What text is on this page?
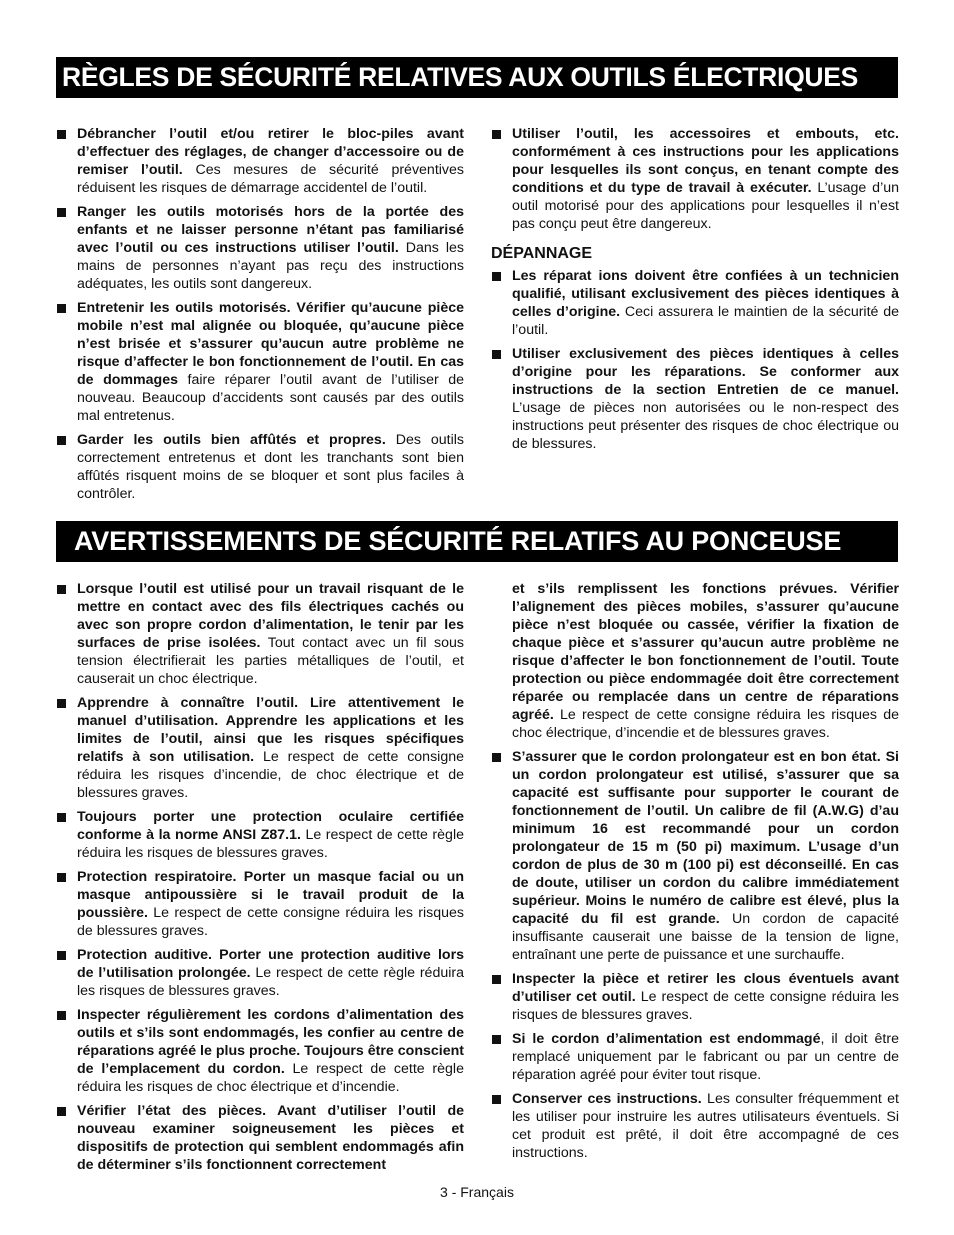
RÈGLES DE SÉCURITÉ RELATIVES AUX OUTILS ÉLECTRIQUES
Débrancher l’outil et/ou retirer le bloc-piles avant d’effectuer des réglages, de changer d’accessoire ou de remiser l’outil. Ces mesures de sécurité préventives réduisent les risques de démarrage accidentel de l’outil.
Ranger les outils motorisés hors de la portée des enfants et ne laisser personne n’étant pas familiarisé avec l’outil ou ces instructions utiliser l’outil. Dans les mains de personnes n’ayant pas reçu des instructions adéquates, les outils sont dangereux.
Entretenir les outils motorisés. Vérifier qu’aucune pièce mobile n’est mal alignée ou bloquée, qu’aucune pièce n’est brisée et s’assurer qu’aucun autre problème ne risque d’affecter le bon fonctionnement de l’outil. En cas de dommages faire réparer l’outil avant de l’utiliser de nouveau. Beaucoup d’accidents sont causés par des outils mal entretenus.
Garder les outils bien affûtés et propres. Des outils correctement entretenus et dont les tranchants sont bien affûtés risquent moins de se bloquer et sont plus faciles à contrôler.
Utiliser l’outil, les accessoires et embouts, etc. conformément à ces instructions pour les applications pour lesquelles ils sont conçus, en tenant compte des conditions et du type de travail à exécuter. L’usage d’un outil motorisé pour des applications pour lesquelles il n’est pas conçu peut être dangereux.
DÉPANNAGE
Les réparat ions doivent être confiées à un technicien qualifié, utilisant exclusivement des pièces identiques à celles d’origine. Ceci assurera le maintien de la sécurité de l’outil.
Utiliser exclusivement des pièces identiques à celles d’origine pour les réparations. Se conformer aux instructions de la section Entretien de ce manuel. L’usage de pièces non autorisées ou le non-respect des instructions peut présenter des risques de choc électrique ou de blessures.
AVERTISSEMENTS DE SÉCURITÉ RELATIFS AU PONCEUSE
Lorsque l’outil est utilisé pour un travail risquant de le mettre en contact avec des fils électriques cachés ou avec son propre cordon d’alimentation, le tenir par les surfaces de prise isolées. Tout contact avec un fil sous tension électrifierait les parties métalliques de l’outil, et causerait un choc électrique.
Apprendre à connaître l’outil. Lire attentivement le manuel d’utilisation. Apprendre les applications et les limites de l’outil, ainsi que les risques spécifiques relatifs à son utilisation. Le respect de cette consigne réduira les risques d’incendie, de choc électrique et de blessures graves.
Toujours porter une protection oculaire certifiée conforme à la norme ANSI Z87.1. Le respect de cette règle réduira les risques de blessures graves.
Protection respiratoire. Porter un masque facial ou un masque antipoussière si le travail produit de la poussière. Le respect de cette consigne réduira les risques de blessures graves.
Protection auditive. Porter une protection auditive lors de l’utilisation prolongée. Le respect de cette règle réduira les risques de blessures graves.
Inspecter régulièrement les cordons d’alimentation des outils et s’ils sont endommagés, les confier au centre de réparations agréé le plus proche. Toujours être conscient de l’emplacement du cordon. Le respect de cette règle réduira les risques de choc électrique et d’incendie.
Vérifier l’état des pièces. Avant d’utiliser l’outil de nouveau examiner soigneusement les pièces et dispositifs de protection qui semblent endommagés afin de déterminer s’ils fonctionnent correctement
et s’ils remplissent les fonctions prévues. Vérifier l’alignement des pièces mobiles, s’assurer qu’aucune pièce n’est bloquée ou cassée, vérifier la fixation de chaque pièce et s’assurer qu’aucun autre problème ne risque d’affecter le bon fonctionnement de l’outil. Toute protection ou pièce endommagée doit être correctement réparée ou remplacée dans un centre de réparations agréé. Le respect de cette consigne réduira les risques de choc électrique, d’incendie et de blessures graves.
S’assurer que le cordon prolongateur est en bon état. Si un cordon prolongateur est utilisé, s’assurer que sa capacité est suffisante pour supporter le courant de fonctionnement de l’outil. Un calibre de fil (A.W.G) d’au minimum 16 est recommandé pour un cordon prolongateur de 15 m (50 pi) maximum. L’usage d’un cordon de plus de 30 m (100 pi) est déconseillé. En cas de doute, utiliser un cordon du calibre immédiatement supérieur. Moins le numéro de calibre est élevé, plus la capacité du fil est grande. Un cordon de capacité insuffisante causerait une baisse de la tension de ligne, entraînant une perte de puissance et une surchauffe.
Inspecter la pièce et retirer les clous éventuels avant d’utiliser cet outil. Le respect de cette consigne réduira les risques de blessures graves.
Si le cordon d’alimentation est endommagé, il doit être remplacé uniquement par le fabricant ou par un centre de réparation agréé pour éviter tout risque.
Conserver ces instructions. Les consulter fréquemment et les utiliser pour instruire les autres utilisateurs éventuels. Si cet produit est prêté, il doit être accompagné de ces instructions.
3 - Français
